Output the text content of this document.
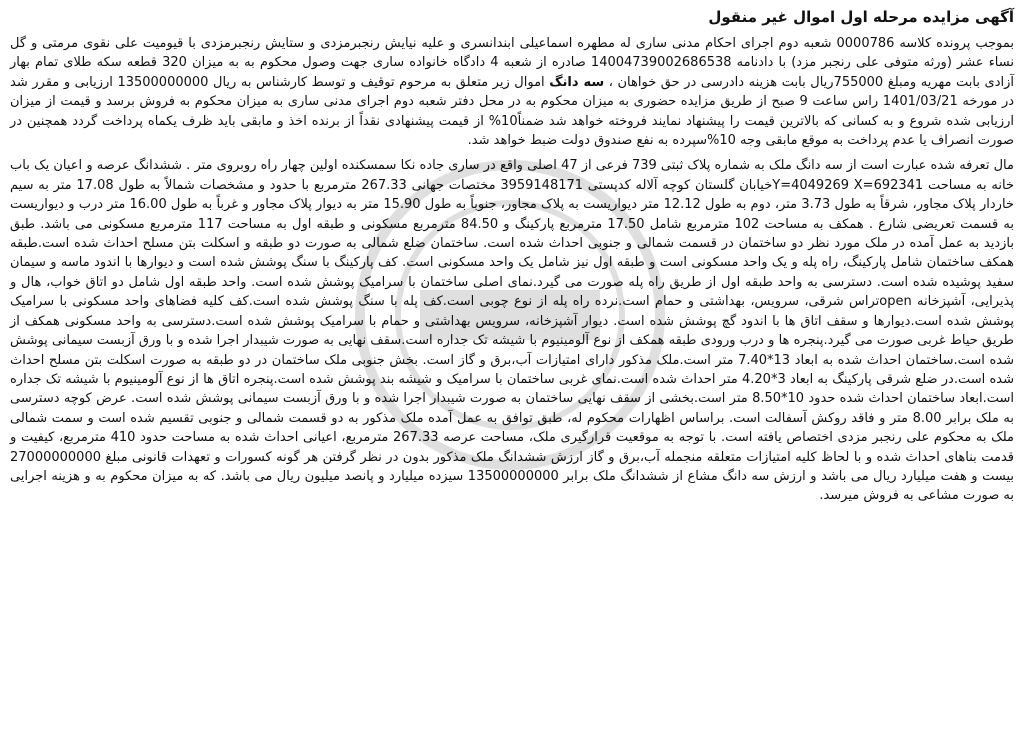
آگهی مزایده مرحله اول اموال غیر منقول

بموجب پرونده کلاسه 0000786 شعبه دوم اجرای احکام مدنی ساری له مطهره اسماعیلی ابندانسری و علیه نیایش رنجبرمزدی و ستایش رنجبرمزدی با قیومیت علی نقوی مرمتی و گل نساء عشر (ورثه متوفی علی رنجبر مزد) با دادنامه 14004739002686538 صادره از شعبه 4 دادگاه خانواده ساری جهت وصول محکوم به به میزان 320 قطعه سکه طلای تمام بهار آزادی بابت مهریه ومبلغ 755000ریال بابت هزینه دادرسی در حق خواهان ، سه دانگ اموال زیر متعلق به مرحوم توقیف و توسط کارشناس به ریال 13500000000 ارزیابی و مقرر شد در مورخه 1401/03/21 راس ساعت 9 صبح از طریق مزایده حضوری به میزان محکوم به در محل دفتر شعبه دوم اجرای مدنی ساری به میزان محکوم به فروش برسد و قیمت از میزان ارزیابی شده شروع و به کسانی که بالاترین قیمت را پیشنهاد نمایند فروخته خواهد شد ضمناً10% از قیمت پیشنهادی نقداً از برنده اخذ و مابقی باید ظرف یکماه پرداخت گردد همچنین در صورت انصراف یا عدم پرداخت به موقع مابقی وجه 10%سپرده به نفع صندوق دولت ضبط خواهد شد.

مال تعرفه شده عبارت است از سه دانگ ملک به شماره پلاک ثبتی 739 فرعی از 47 اصلی واقع در ساری جاده نکا سمسکنده اولین چهار راه روبروی متر . ششدانگ عرصه و اعیان یک باب خانه به مساحت Y=4049269 X=692341خیابان گلستان کوچه آلاله کدپستی 3959148171 مختصات جهانی 267.33 مترمربع با حدود و مشخصات شمالاً به طول 17.08 متر به سیم خاردار پلاک مجاور، شرقاً به طول 3.73 متر، دوم به طول 12.12 متر دیواریست به پلاک مجاور، جنوباً به طول 15.90 متر به دیوار پلاک مجاور و غرباً به طول 16.00 متر درب و دیواریست به قسمت تعریضی شارع . همکف به مساحت 102 مترمربع شامل 17.50 مترمربع پارکینگ و 84.50 مترمربع مسکونی و طبقه اول به مساحت 117 مترمربع مسکونی می باشد. طبق بازدید به عمل آمده در ملک مورد نظر دو ساختمان در قسمت شمالی و جنوبی احداث شده است. ساختمان ضلع شمالی به صورت دو طبقه و اسکلت بتن مسلح احداث شده است.طبقه همکف ساختمان شامل پارکینگ، راه پله و یک واحد مسکونی است و طبقه اول نیز شامل یک واحد مسکونی است. کف پارکینگ با سنگ پوشش شده است و دیوارها با اندود ماسه و سیمان سفید پوشیده شده است. دسترسی به واحد طبقه اول از طریق راه پله صورت می گیرد.نمای اصلی ساختمان با سرامیک پوشش شده است. واحد طبقه اول شامل دو اتاق خواب، هال و پذیرایی، آشپزخانه openتراس شرقی، سرویس، بهداشتی و حمام است.نرده راه پله از نوع چوبی است.کف پله با سنگ پوشش شده است.کف کلیه فضاهای واحد مسکونی با سرامیک پوشش شده است.دیوارها و سقف اتاق ها با اندود گچ پوشش شده است. دیوار آشپزخانه، سرویس بهداشتی و حمام با سرامیک پوشش شده است.دسترسی به واحد مسکونی همکف از طریق حیاط غربی صورت می گیرد.پنجره ها و درب ورودی طبقه همکف از نوع آلومینیوم با شیشه تک جداره است.سقف نهایی به صورت شیبدار اجرا شده و با ورق آزبست سیمانی پوشش شده است.ساختمان احداث شده به ابعاد 13*7.40 متر است.ملک مذکور دارای امتیازات آب،برق و گاز است. بخش جنوبی ملک ساختمان در دو طبقه به صورت اسکلت بتن مسلح احداث شده است.در ضلع شرقی پارکینگ به ابعاد 3*4.20 متر احداث شده است.نمای غربی ساختمان با سرامیک و شیشه بند پوشش شده است.پنجره اتاق ها از نوع آلومینیوم با شیشه تک جداره است.ابعاد ساختمان احداث شده حدود 10*8.50 متر است.بخشی از سقف نهایی ساختمان به صورت شیبدار اجرا شده و با ورق آزبست سیمانی پوشش شده است. عرض کوچه دسترسی به ملک برابر 8.00 متر و فاقد روکش آسفالت است. براساس اظهارات محکوم له، طبق توافق به عمل آمده ملک مذکور به دو قسمت شمالی و جنوبی تقسیم شده است و سمت شمالی ملک به محکوم علی رنجبر مزدی اختصاص یافته است. با توجه به موقعیت قرارگیری ملک، مساحت عرصه 267.33 مترمربع، اعیانی احداث شده به مساحت حدود 410 مترمربع، کیفیت و قدمت بناهای احداث شده و با لحاظ کلیه امتیازات متعلقه منجمله آب،برق و گاز ارزش ششدانگ ملک مذکور بدون در نظر گرفتن هر گونه کسورات و تعهدات قانونی مبلغ 27000000000 بیست و هفت میلیارد ریال می باشد و ارزش سه دانگ مشاع از ششدانگ ملک برابر 13500000000 سیزده میلیارد و پانصد میلیون ریال می باشد. که به میزان محکوم به و هزینه اجرایی به صورت مشاعی به فروش میرسد.
